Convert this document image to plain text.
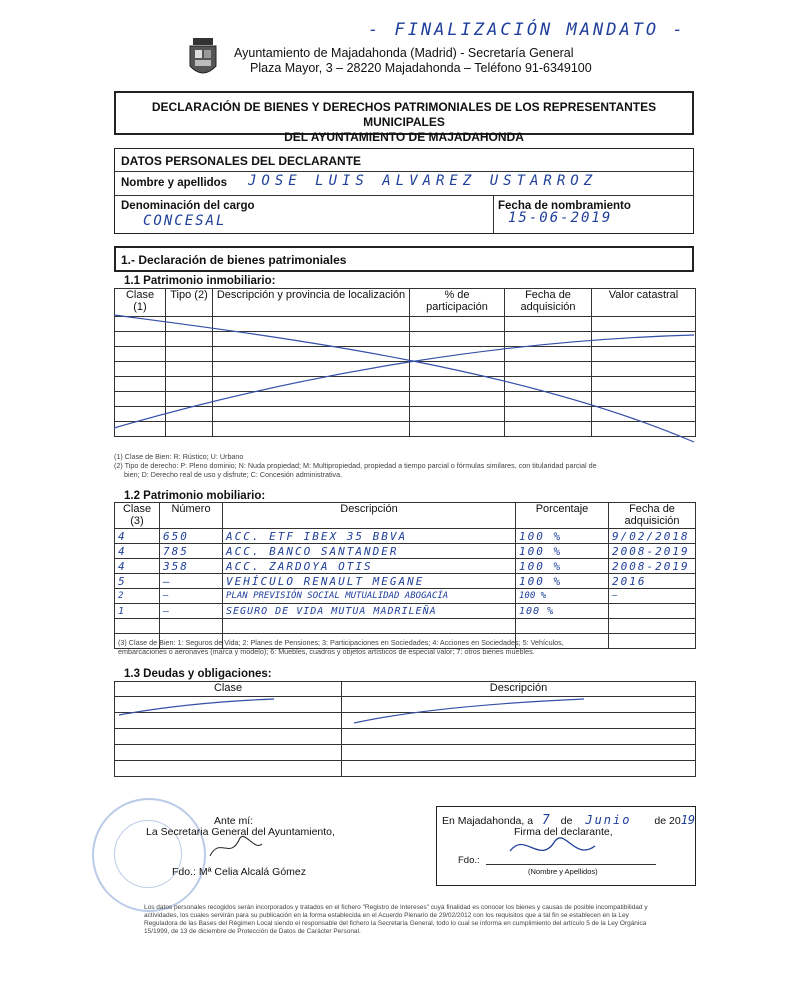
- FINALIZACIÓN MANDATO -
Ayuntamiento de Majadahonda (Madrid) - Secretaría General
Plaza Mayor, 3 – 28220 Majadahonda – Teléfono 91-6349100
DECLARACIÓN DE BIENES Y DERECHOS PATRIMONIALES DE LOS REPRESENTANTES MUNICIPALES
DEL AYUNTAMIENTO DE MAJADAHONDA
DATOS PERSONALES DEL DECLARANTE
Nombre y apellidos JOSE LUIS ALVAREZ USTARROZ
Denominación del cargo
CONCESAL
Fecha de nombramiento
15-06-2019
1.- Declaración de bienes patrimoniales
1.1 Patrimonio inmobiliario:
Clase (1)	Tipo (2)	Descripción y provincia de localización	% de participación	Fecha de adquisición	Valor catastral

(1) Clase de Bien: R: Rústico; U: Urbano
(2) Tipo de derecho: P: Pleno dominio; N: Nuda propiedad; M: Multipropiedad, propiedad a tiempo parcial o fórmulas similares, con titularidad parcial de
bien; D: Derecho real de uso y disfrute; C: Concesión administrativa.
1.2 Patrimonio mobiliario:
Clase (3)	Número	Descripción	Porcentaje	Fecha de adquisición
4	650	ACC. ETF IBEX 35 BBVA	100 %	9/02/2018
4	785	ACC. BANCO SANTANDER	100 %	2008-2019
4	358	ACC. ZARDOYA OTIS	100 %	2008-2019
5	—	VEHÍCULO RENAULT MEGANE	100 %	2016
2	—	PLAN PREVISIÓN SOCIAL MUTUALIDAD ABOGACÍA	100 %	—
1	—	SEGURO DE VIDA MUTUA MADRILEÑA	100 %	

(3) Clase de Bien: 1: Seguros de Vida; 2: Planes de Pensiones; 3: Participaciones en Sociedades; 4: Acciones en Sociedades; 5: Vehículos,
embarcaciones o aeronaves (marca y modelo); 6: Muebles, cuadros y objetos artísticos de especial valor; 7: otros bienes muebles.
1.3 Deudas y obligaciones:
Clase	Descripción

Ante mí:
La Secretaria General del Ayuntamiento,
Fdo.: Mª Celia Alcalá Gómez
En Majadahonda, a 7 de Junio de 2019
Firma del declarante,
Fdo.:
(Nombre y Apellidos)
Los datos personales recogidos serán incorporados y tratados en el fichero "Registro de Intereses" cuya finalidad es conocer los bienes y causas de posible incompatibilidad y actividades, los cuales servirán para su publicación en la forma establecida en el Acuerdo Plenario de 29/02/2012 con los requisitos que a tal fin se establecen en la Ley Reguladora de las Bases del Régimen Local siendo el responsable del fichero la Secretaría General, todo lo cual se informa en cumplimiento del artículo 5 de la Ley Orgánica 15/1999, de 13 de diciembre de Protección de Datos de Carácter Personal.
